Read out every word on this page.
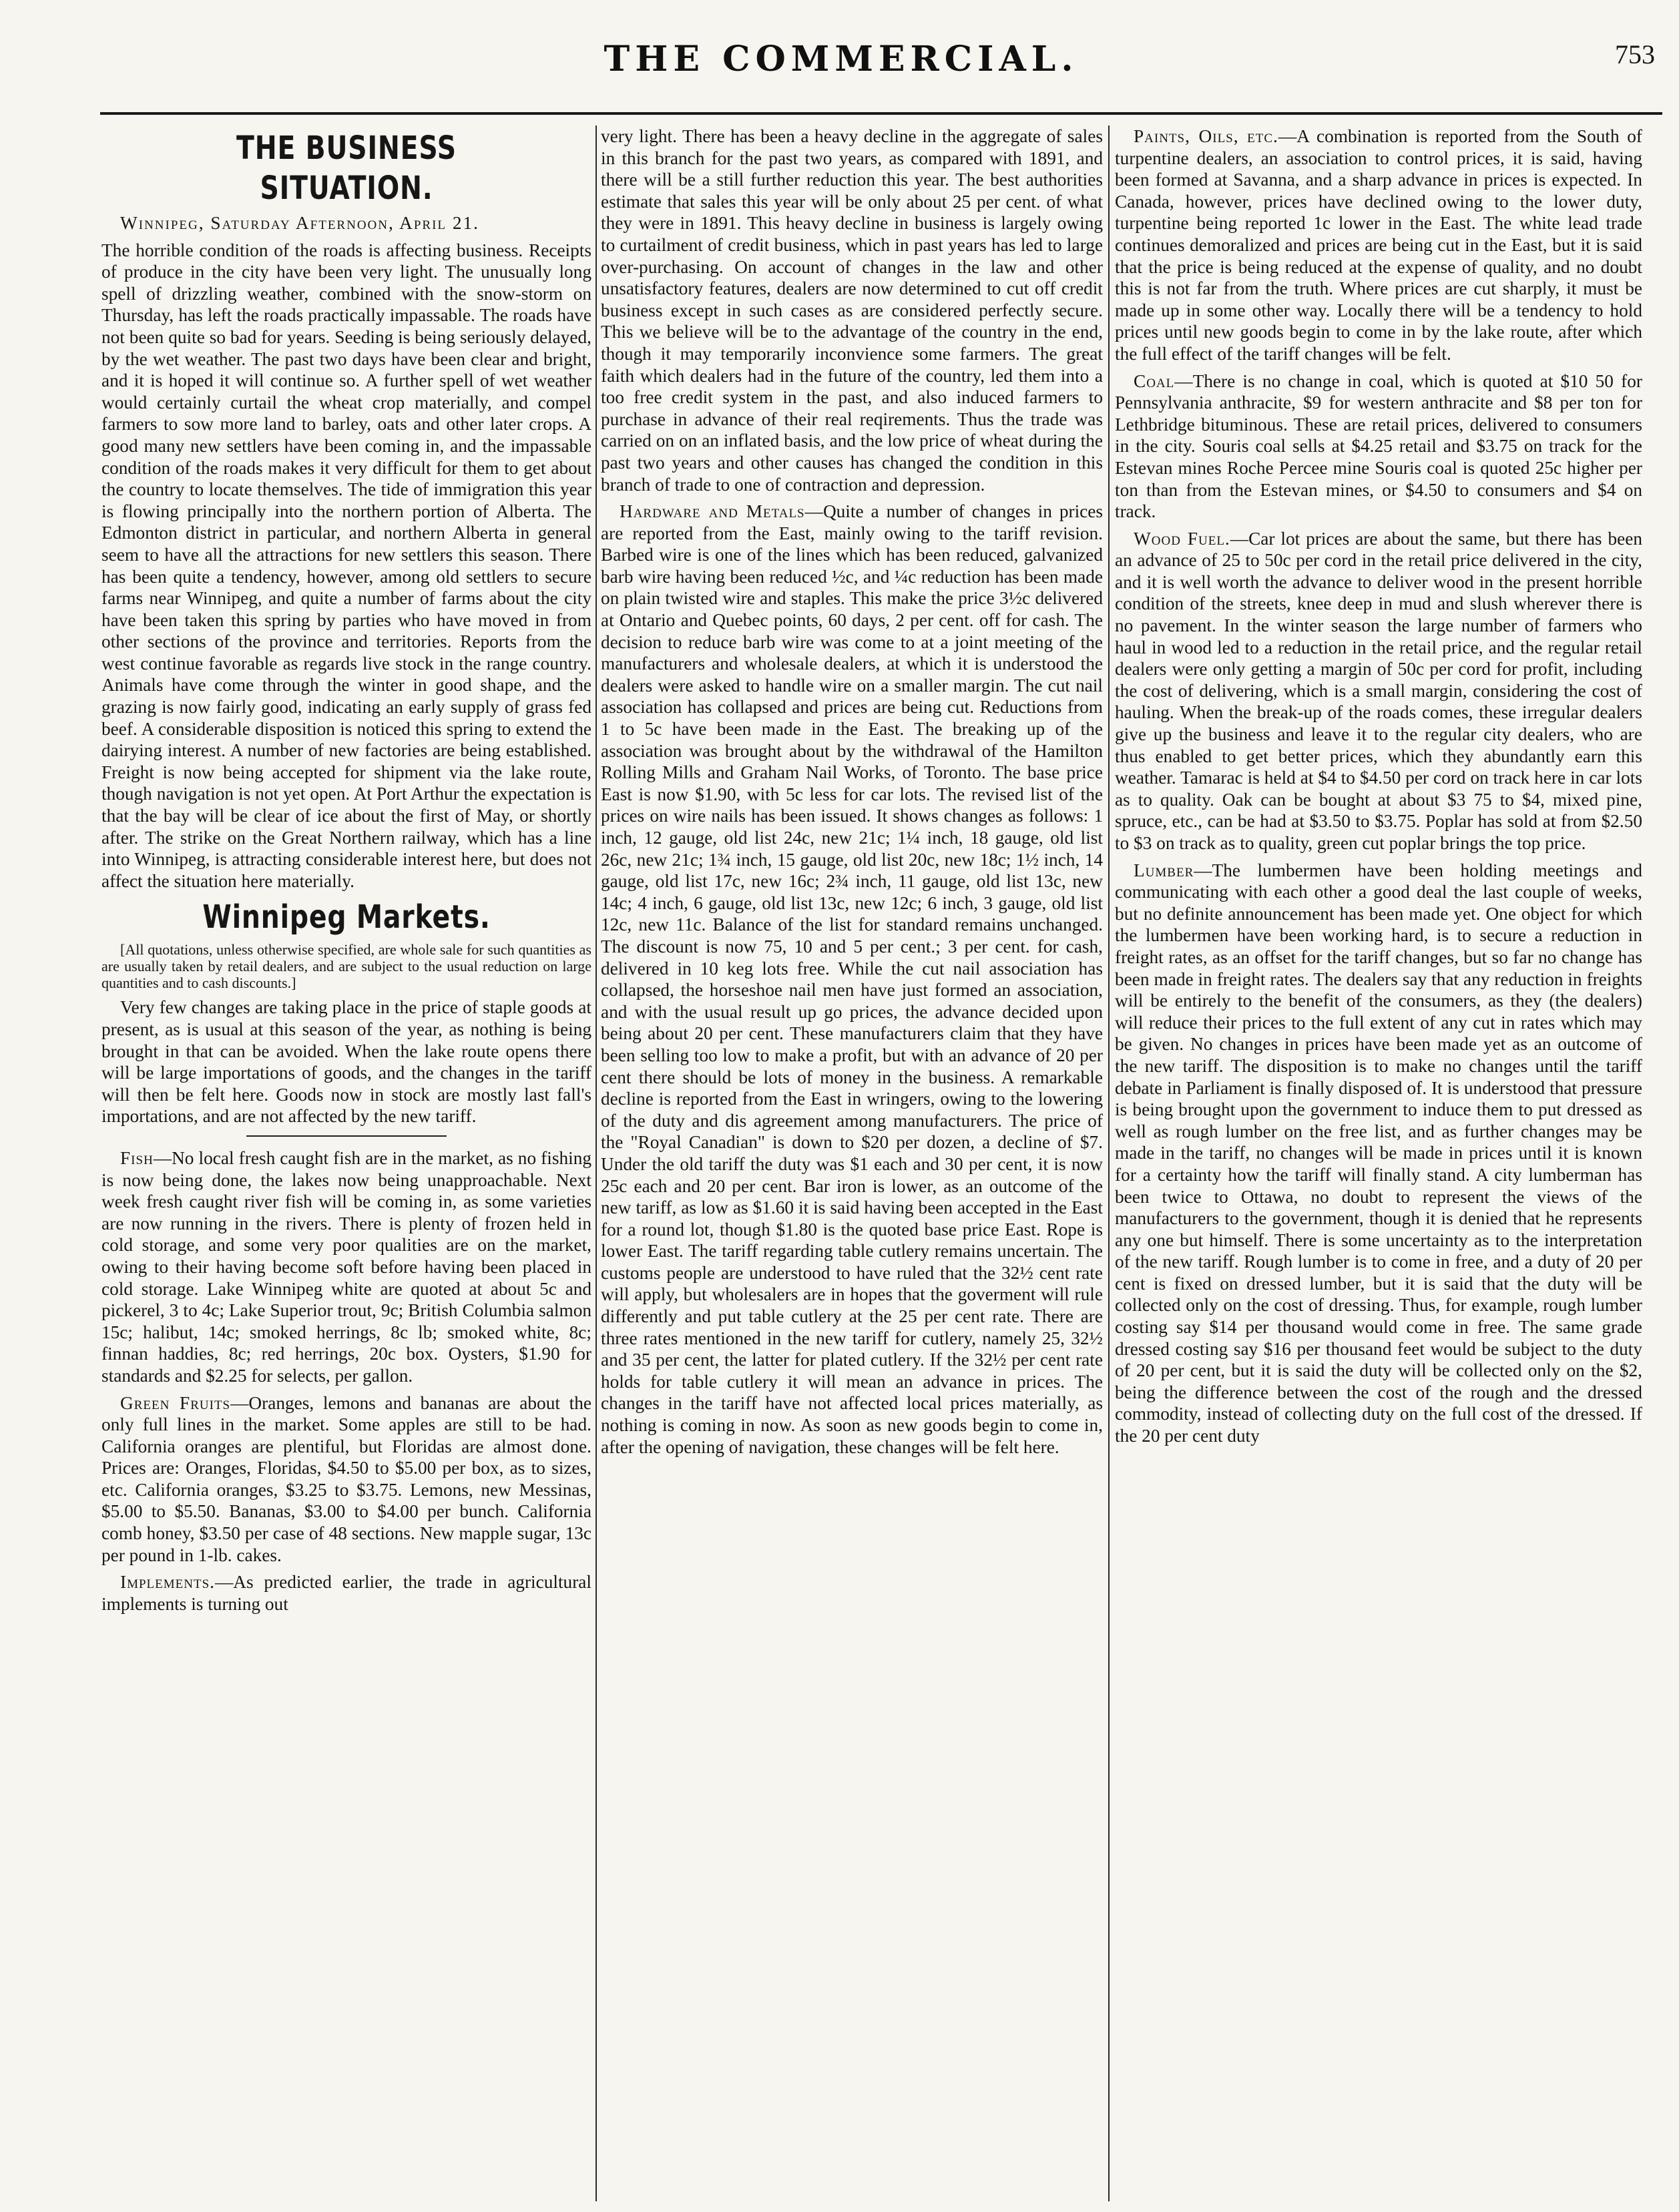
THE COMMERCIAL.	753
THE BUSINESS SITUATION.

Winnipeg, Saturday Afternoon, April 21.

The horrible condition of the roads is affecting business. Receipts of produce in the city have been very light. The unusually long spell of drizzling weather, combined with the snow-storm on Thursday, has left the roads practically impassable. The roads have not been quite so bad for years. Seeding is being seriously delayed, by the wet weather. The past two days have been clear and bright, and it is hoped it will continue so. A further spell of wet weather would certainly curtail the wheat crop materially, and compel farmers to sow more land to barley, oats and other later crops. A good many new settlers have been coming in, and the impassable condition of the roads makes it very difficult for them to get about the country to locate themselves. The tide of immigration this year is flowing principally into the northern portion of Alberta. The Edmonton district in particular, and northern Alberta in general seem to have all the attractions for new settlers this season. There has been quite a tendency, however, among old settlers to secure farms near Winnipeg, and quite a number of farms about the city have been taken this spring by parties who have moved in from other sections of the province and territories. Reports from the west continue favorable as regards live stock in the range country. Animals have come through the winter in good shape, and the grazing is now fairly good, indicating an early supply of grass fed beef. A considerable disposition is noticed this spring to extend the dairying interest. A number of new factories are being established. Freight is now being accepted for shipment via the lake route, though navigation is not yet open. At Port Arthur the expectation is that the bay will be clear of ice about the first of May, or shortly after. The strike on the Great Northern railway, which has a line into Winnipeg, is attracting considerable interest here, but does not affect the situation here materially.

Winnipeg Markets.

[All quotations, unless otherwise specified, are whole sale for such quantities as are usually taken by retail dealers, and are subject to the usual reduction on large quantities and to cash discounts.]

Very few changes are taking place in the price of staple goods at present, as is usual at this season of the year, as nothing is being brought in that can be avoided. When the lake route opens there will be large importations of goods, and the changes in the tariff will then be felt here. Goods now in stock are mostly last fall's importations, and are not affected by the new tariff.

Fish—No local fresh caught fish are in the market, as no fishing is now being done, the lakes now being unapproachable. Next week fresh caught river fish will be coming in, as some varieties are now running in the rivers. There is plenty of frozen held in cold storage, and some very poor qualities are on the market, owing to their having become soft before having been placed in cold storage. Lake Winnipeg white are quoted at about 5c and pickerel, 3 to 4c; Lake Superior trout, 9c; British Columbia salmon 15c; halibut, 14c; smoked herrings, 8c lb; smoked white, 8c; finnan haddies, 8c; red herrings, 20c box. Oysters, $1.90 for standards and $2.25 for selects, per gallon.

Green Fruits—Oranges, lemons and bananas are about the only full lines in the market. Some apples are still to be had. California oranges are plentiful, but Floridas are almost done. Prices are: Oranges, Floridas, $4.50 to $5.00 per box, as to sizes, etc. California oranges, $3.25 to $3.75. Lemons, new Messinas, $5.00 to $5.50. Bananas, $3.00 to $4.00 per bunch. California comb honey, $3.50 per case of 48 sections. New mapple sugar, 13c per pound in 1-lb. cakes.

Implements.—As predicted earlier, the trade in agricultural implements is turning out

very light. There has been a heavy decline in the aggregate of sales in this branch for the past two years, as compared with 1891, and there will be a still further reduction this year. The best authorities estimate that sales this year will be only about 25 per cent. of what they were in 1891. This heavy decline in business is largely owing to curtailment of credit business, which in past years has led to large over-purchasing. On account of changes in the law and other unsatisfactory features, dealers are now determined to cut off credit business except in such cases as are considered perfectly secure. This we believe will be to the advantage of the country in the end, though it may temporarily inconvience some farmers. The great faith which dealers had in the future of the country, led them into a too free credit system in the past, and also induced farmers to purchase in advance of their real reqirements. Thus the trade was carried on on an inflated basis, and the low price of wheat during the past two years and other causes has changed the condition in this branch of trade to one of contraction and depression.

Hardware and Metals—Quite a number of changes in prices are reported from the East, mainly owing to the tariff revision. Barbed wire is one of the lines which has been reduced, galvanized barb wire having been reduced ½c, and ¼c reduction has been made on plain twisted wire and staples. This make the price 3½c delivered at Ontario and Quebec points, 60 days, 2 per cent. off for cash. The decision to reduce barb wire was come to at a joint meeting of the manufacturers and wholesale dealers, at which it is understood the dealers were asked to handle wire on a smaller margin. The cut nail association has collapsed and prices are being cut. Reductions from 1 to 5c have been made in the East. The breaking up of the association was brought about by the withdrawal of the Hamilton Rolling Mills and Graham Nail Works, of Toronto. The base price East is now $1.90, with 5c less for car lots. The revised list of the prices on wire nails has been issued. It shows changes as follows: 1 inch, 12 gauge, old list 24c, new 21c; 1¼ inch, 18 gauge, old list 26c, new 21c; 1¾ inch, 15 gauge, old list 20c, new 18c; 1½ inch, 14 gauge, old list 17c, new 16c; 2¾ inch, 11 gauge, old list 13c, new 14c; 4 inch, 6 gauge, old list 13c, new 12c; 6 inch, 3 gauge, old list 12c, new 11c. Balance of the list for standard remains unchanged. The discount is now 75, 10 and 5 per cent.; 3 per cent. for cash, delivered in 10 keg lots free. While the cut nail association has collapsed, the horseshoe nail men have just formed an association, and with the usual result up go prices, the advance decided upon being about 20 per cent. These manufacturers claim that they have been selling too low to make a profit, but with an advance of 20 per cent there should be lots of money in the business. A remarkable decline is reported from the East in wringers, owing to the lowering of the duty and dis agreement among manufacturers. The price of the "Royal Canadian" is down to $20 per dozen, a decline of $7. Under the old tariff the duty was $1 each and 30 per cent, it is now 25c each and 20 per cent. Bar iron is lower, as an outcome of the new tariff, as low as $1.60 it is said having been accepted in the East for a round lot, though $1.80 is the quoted base price East. Rope is lower East. The tariff regarding table cutlery remains uncertain. The customs people are understood to have ruled that the 32½ cent rate will apply, but wholesalers are in hopes that the goverment will rule differently and put table cutlery at the 25 per cent rate. There are three rates mentioned in the new tariff for cutlery, namely 25, 32½ and 35 per cent, the latter for plated cutlery. If the 32½ per cent rate holds for table cutlery it will mean an advance in prices. The changes in the tariff have not affected local prices materially, as nothing is coming in now. As soon as new goods begin to come in, after the opening of navigation, these changes will be felt here.

Paints, Oils, etc.—A combination is reported from the South of turpentine dealers, an association to control prices, it is said, having been formed at Savanna, and a sharp advance in prices is expected. In Canada, however, prices have declined owing to the lower duty, turpentine being reported 1c lower in the East. The white lead trade continues demoralized and prices are being cut in the East, but it is said that the price is being reduced at the expense of quality, and no doubt this is not far from the truth. Where prices are cut sharply, it must be made up in some other way. Locally there will be a tendency to hold prices until new goods begin to come in by the lake route, after which the full effect of the tariff changes will be felt.

Coal—There is no change in coal, which is quoted at $10 50 for Pennsylvania anthracite, $9 for western anthracite and $8 per ton for Lethbridge bituminous. These are retail prices, delivered to consumers in the city. Souris coal sells at $4.25 retail and $3.75 on track for the Estevan mines Roche Percee mine Souris coal is quoted 25c higher per ton than from the Estevan mines, or $4.50 to consumers and $4 on track.

Wood Fuel.—Car lot prices are about the same, but there has been an advance of 25 to 50c per cord in the retail price delivered in the city, and it is well worth the advance to deliver wood in the present horrible condition of the streets, knee deep in mud and slush wherever there is no pavement. In the winter season the large number of farmers who haul in wood led to a reduction in the retail price, and the regular retail dealers were only getting a margin of 50c per cord for profit, including the cost of delivering, which is a small margin, considering the cost of hauling. When the break-up of the roads comes, these irregular dealers give up the business and leave it to the regular city dealers, who are thus enabled to get better prices, which they abundantly earn this weather. Tamarac is held at $4 to $4.50 per cord on track here in car lots as to quality. Oak can be bought at about $3 75 to $4, mixed pine, spruce, etc., can be had at $3.50 to $3.75. Poplar has sold at from $2.50 to $3 on track as to quality, green cut poplar brings the top price.

Lumber—The lumbermen have been holding meetings and communicating with each other a good deal the last couple of weeks, but no definite announcement has been made yet. One object for which the lumbermen have been working hard, is to secure a reduction in freight rates, as an offset for the tariff changes, but so far no change has been made in freight rates. The dealers say that any reduction in freights will be entirely to the benefit of the consumers, as they (the dealers) will reduce their prices to the full extent of any cut in rates which may be given. No changes in prices have been made yet as an outcome of the new tariff. The disposition is to make no changes until the tariff debate in Parliament is finally disposed of. It is understood that pressure is being brought upon the government to induce them to put dressed as well as rough lumber on the free list, and as further changes may be made in the tariff, no changes will be made in prices until it is known for a certainty how the tariff will finally stand. A city lumberman has been twice to Ottawa, no doubt to represent the views of the manufacturers to the government, though it is denied that he represents any one but himself. There is some uncertainty as to the interpretation of the new tariff. Rough lumber is to come in free, and a duty of 20 per cent is fixed on dressed lumber, but it is said that the duty will be collected only on the cost of dressing. Thus, for example, rough lumber costing say $14 per thousand would come in free. The same grade dressed costing say $16 per thousand feet would be subject to the duty of 20 per cent, but it is said the duty will be collected only on the $2, being the difference between the cost of the rough and the dressed commodity, instead of collecting duty on the full cost of the dressed. If the 20 per cent duty
